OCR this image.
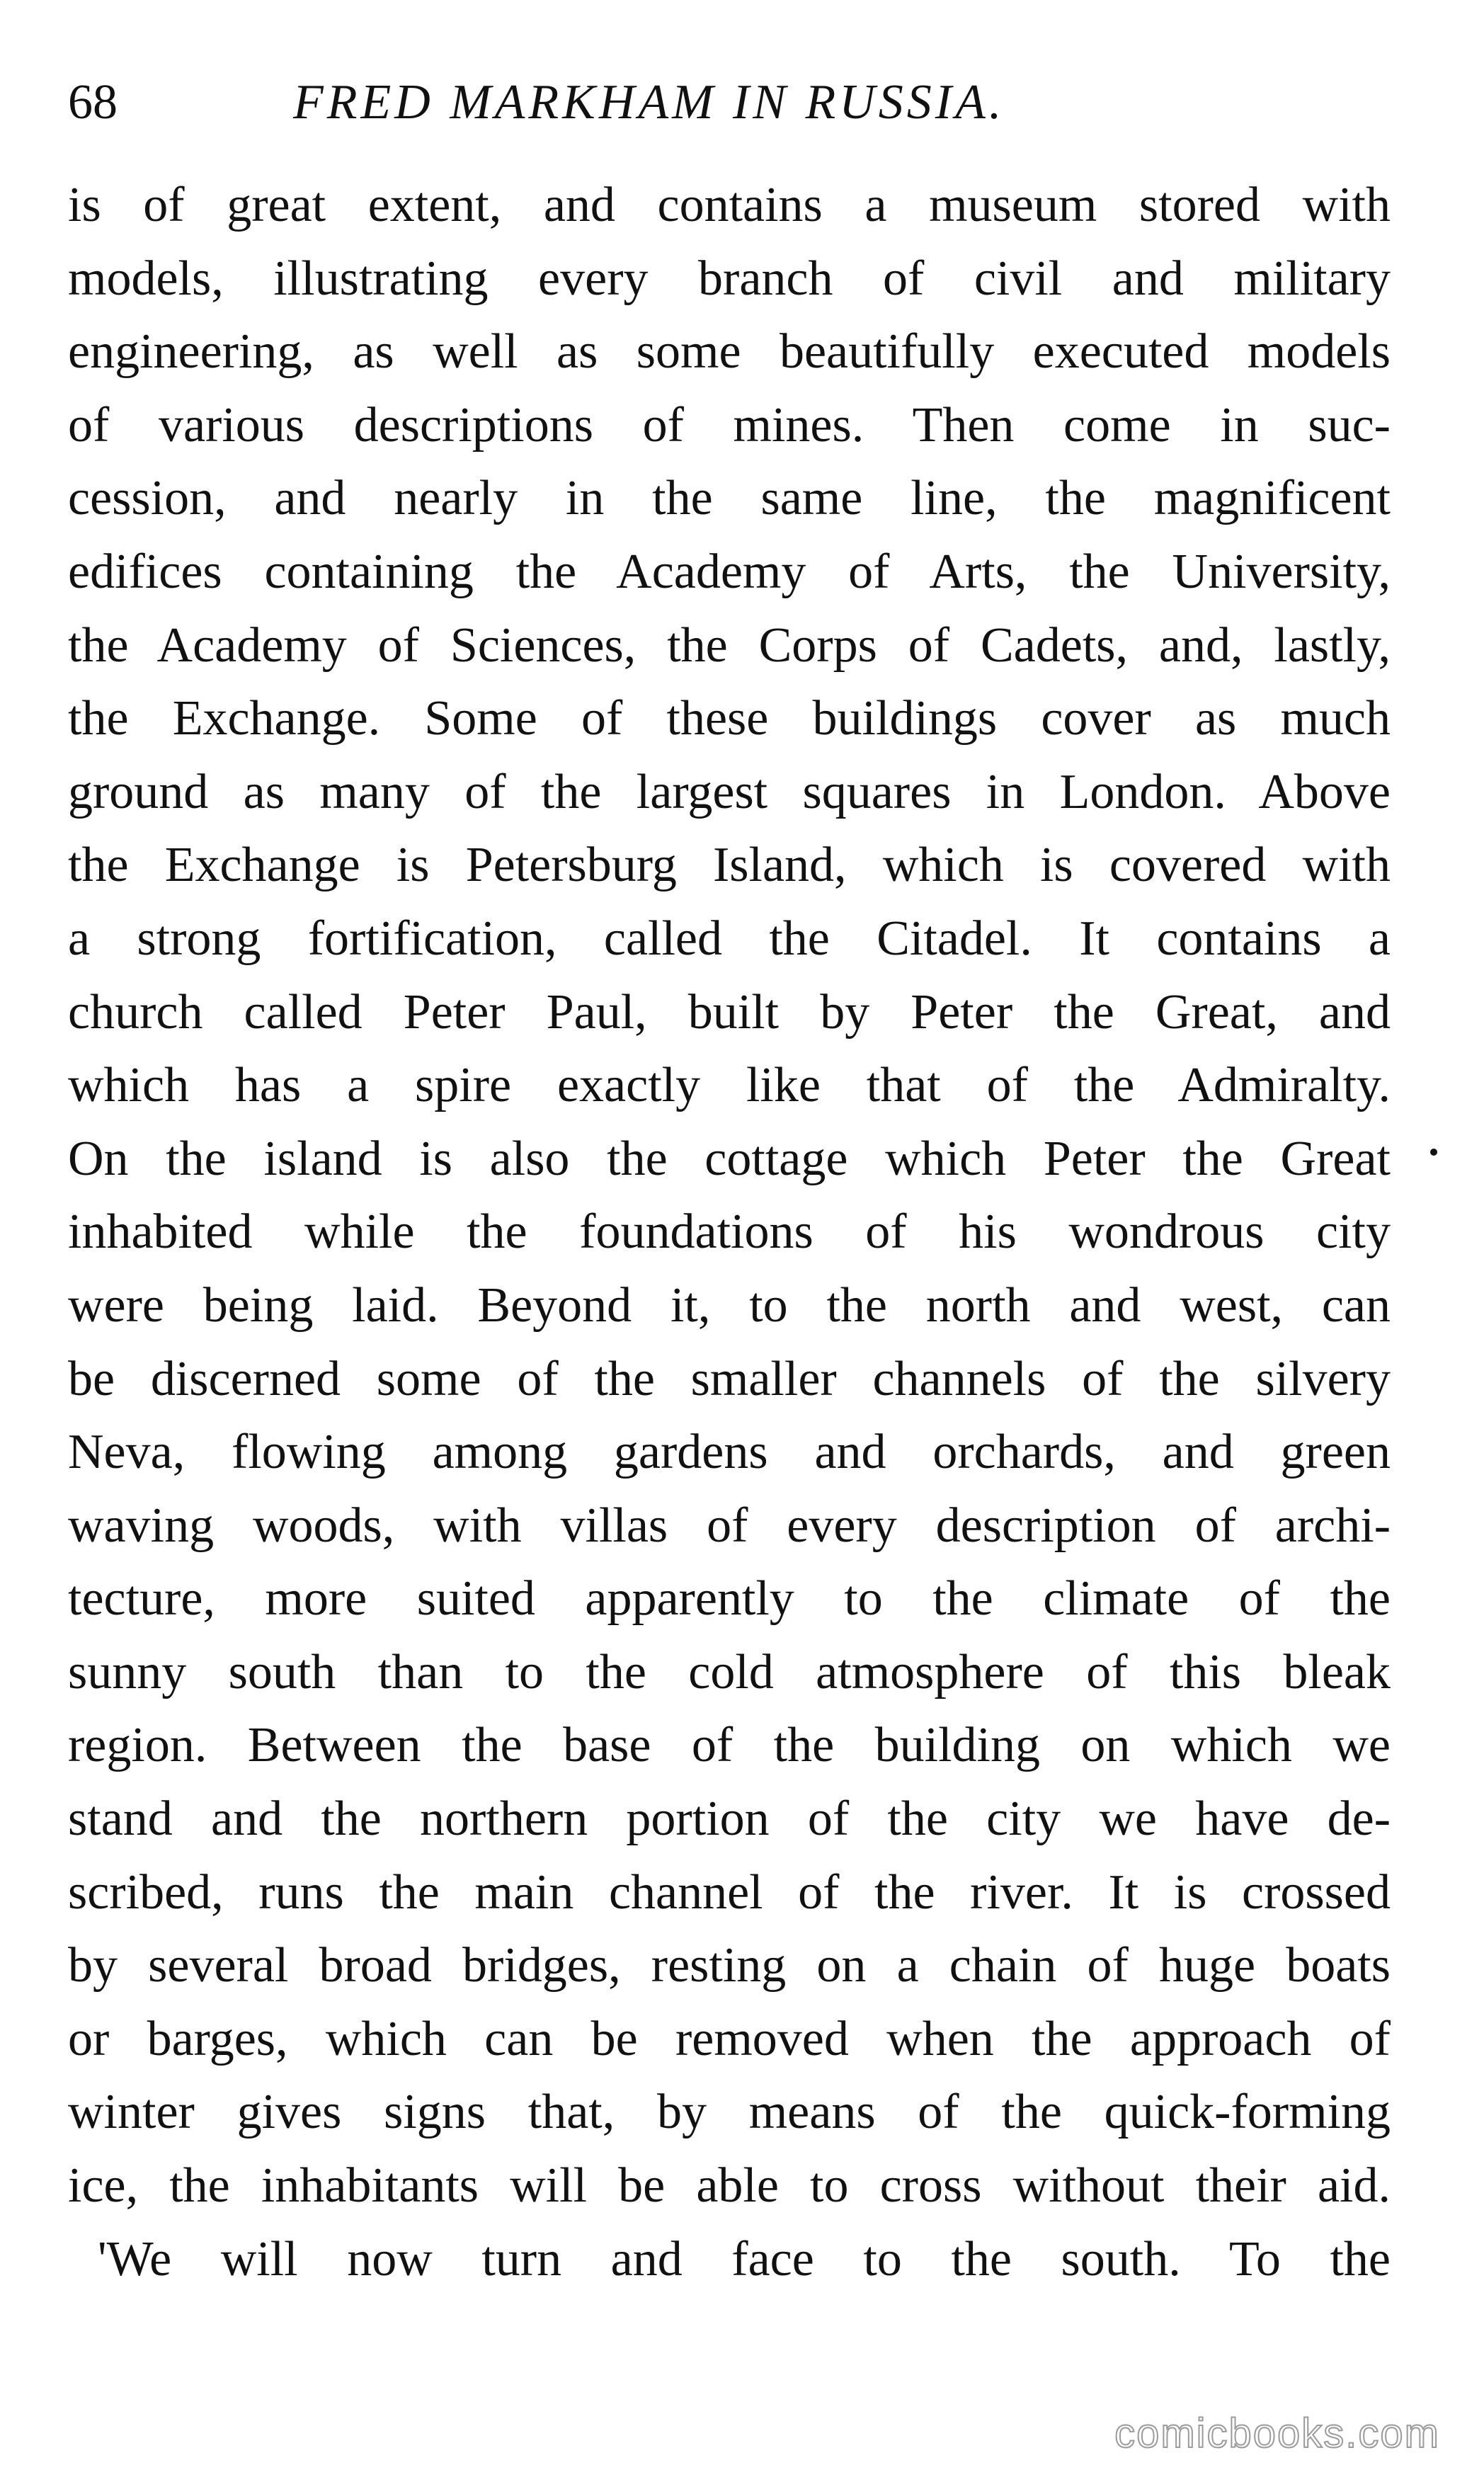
68	FRED MARKHAM IN RUSSIA.
is of great extent, and contains a museum stored with
models, illustrating every branch of civil and military
engineering, as well as some beautifully executed models
of various descriptions of mines. Then come in suc-
cession, and nearly in the same line, the magnificent
edifices containing the Academy of Arts, the University,
the Academy of Sciences, the Corps of Cadets, and, lastly,
the Exchange. Some of these buildings cover as much
ground as many of the largest squares in London. Above
the Exchange is Petersburg Island, which is covered with
a strong fortification, called the Citadel. It contains a
church called Peter Paul, built by Peter the Great, and
which has a spire exactly like that of the Admiralty.
On the island is also the cottage which Peter the Great
inhabited while the foundations of his wondrous city
were being laid. Beyond it, to the north and west, can
be discerned some of the smaller channels of the silvery
Neva, flowing among gardens and orchards, and green
waving woods, with villas of every description of archi-
tecture, more suited apparently to the climate of the
sunny south than to the cold atmosphere of this bleak
region. Between the base of the building on which we
stand and the northern portion of the city we have de-
scribed, runs the main channel of the river. It is crossed
by several broad bridges, resting on a chain of huge boats
or barges, which can be removed when the approach of
winter gives signs that, by means of the quick-forming
ice, the inhabitants will be able to cross without their aid.
'We will now turn and face to the south. To the
comicbooks.com
